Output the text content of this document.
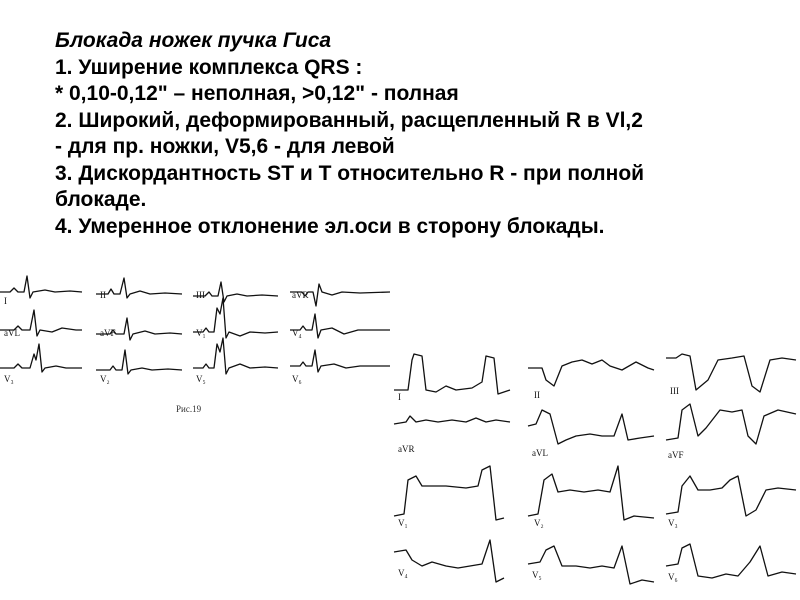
Блокада ножек пучка Гиса
1. Уширение комплекса QRS :
* 0,10-0,12" – неполная, >0,12" - полная
2. Широкий, деформированный, расщепленный R в Vl,2
- для пр. ножки, V5,6 - для левой
3. Дискордантность ST и Т относительно R - при полной
блокаде.
4. Умеренное отклонение эл.оси в сторону блокады.
I
II	III	aVR
aVL	aVF	V₁	V₄
V₃	V₂	V₅	V₆
Рис.19
I	II	III
aVR	aVL	aVF
V₁	V₂	V₃
V₄	V₅	V₆
